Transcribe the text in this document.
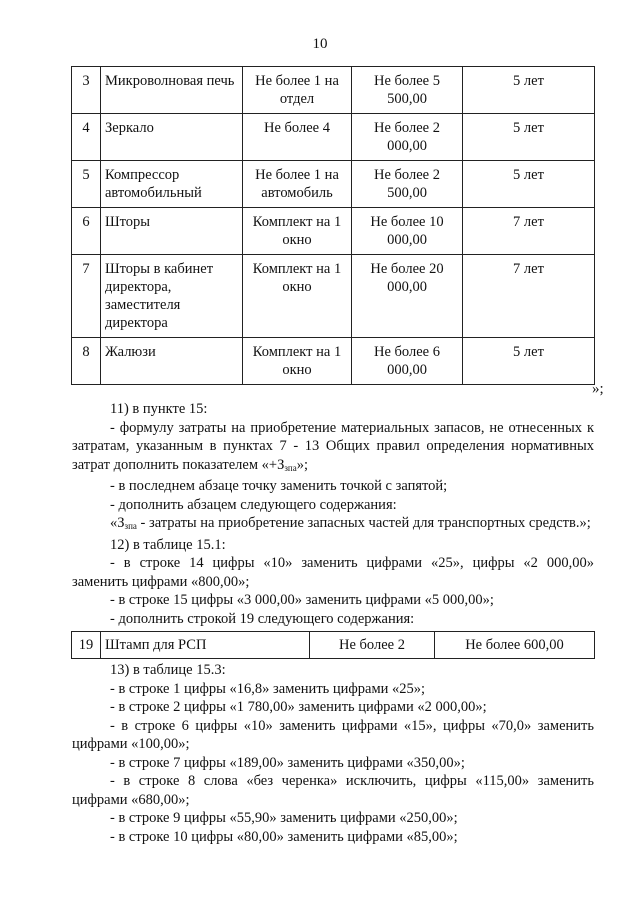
10
3	Микроволновая печь	Не более 1 на отдел	Не более 5 500,00	5 лет
4	Зеркало	Не более 4	Не более 2 000,00	5 лет
5	Компрессор автомобильный	Не более 1 на автомобиль	Не более 2 500,00	5 лет
6	Шторы	Комплект на 1 окно	Не более 10 000,00	7 лет
7	Шторы в кабинет директора, заместителя директора	Комплект на 1 окно	Не более 20 000,00	7 лет
8	Жалюзи	Комплект на 1 окно	Не более 6 000,00	5 лет
»;

11) в пункте 15:

- формулу затраты на приобретение материальных запасов, не отнесенных к затратам, указанным в пунктах 7 - 13 Общих правил определения нормативных затрат дополнить показателем «$+З_{зпа}$»;

- в последнем абзаце точку заменить точкой с запятой;

- дополнить абзацем следующего содержания:

«$З_{зпа}$ - затраты на приобретение запасных частей для транспортных средств.»;

12) в таблице 15.1:

- в строке 14 цифры «10» заменить цифрами «25», цифры «2 000,00» заменить цифрами «800,00»;

- в строке 15 цифры «3 000,00» заменить цифрами «5 000,00»;

- дополнить строкой 19 следующего содержания:

19	Штамп для РСП	Не более 2	Не более 600,00

13) в таблице 15.3:

- в строке 1 цифры «16,8» заменить цифрами «25»;

- в строке 2 цифры «1 780,00» заменить цифрами «2 000,00»;

- в строке 6 цифры «10» заменить цифрами «15», цифры «70,0» заменить цифрами «100,00»;

- в строке 7 цифры «189,00» заменить цифрами «350,00»;

- в строке 8 слова «без черенка» исключить, цифры «115,00» заменить цифрами «680,00»;

- в строке 9 цифры «55,90» заменить цифрами «250,00»;

- в строке 10 цифры «80,00» заменить цифрами «85,00»;
